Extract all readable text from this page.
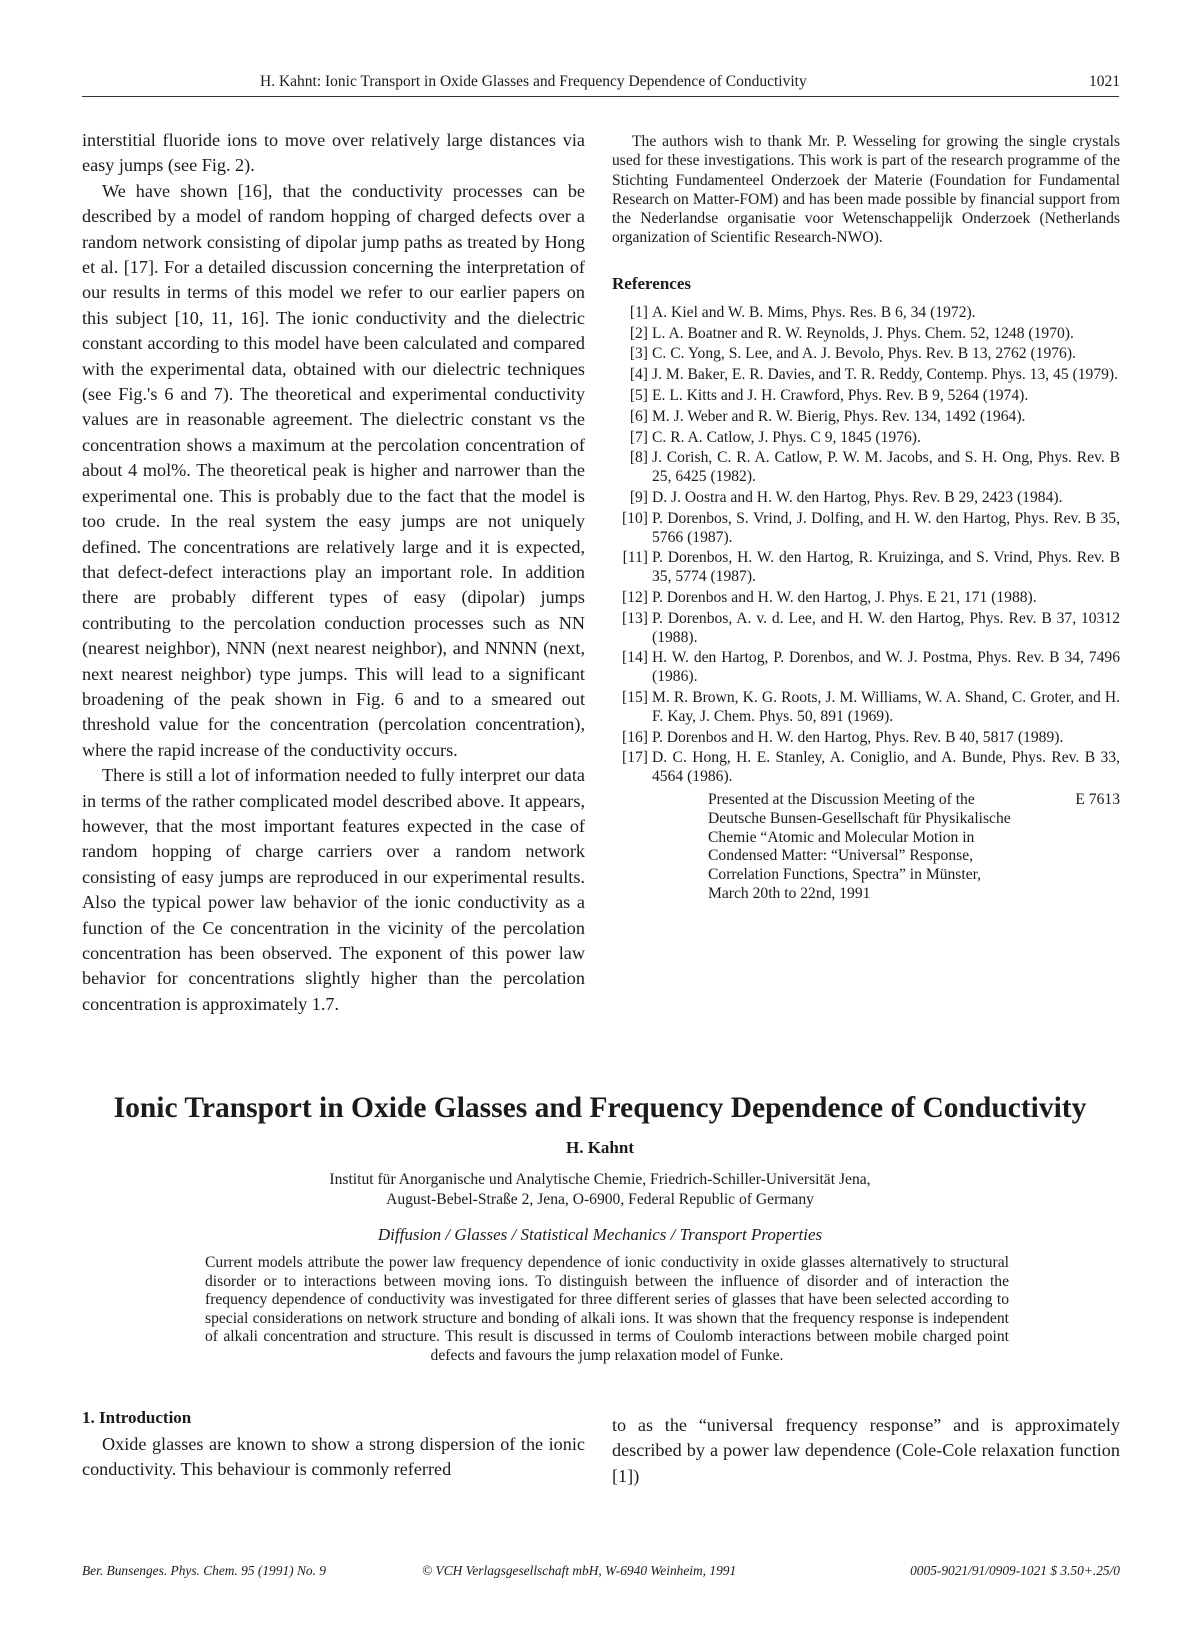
H. Kahnt: Ionic Transport in Oxide Glasses and Frequency Dependence of Conductivity	1021

interstitial fluoride ions to move over relatively large distances via easy jumps (see Fig. 2).

We have shown [16], that the conductivity processes can be described by a model of random hopping of charged defects over a random network consisting of dipolar jump paths as treated by Hong et al. [17]. For a detailed discussion concerning the interpretation of our results in terms of this model we refer to our earlier papers on this subject [10, 11, 16]. The ionic conductivity and the dielectric constant according to this model have been calculated and compared with the experimental data, obtained with our dielectric techniques (see Fig.'s 6 and 7). The theoretical and experimental conductivity values are in reasonable agreement. The dielectric constant vs the concentration shows a maximum at the percolation concentration of about 4 mol%. The theoretical peak is higher and narrower than the experimental one. This is probably due to the fact that the model is too crude. In the real system the easy jumps are not uniquely defined. The concentrations are relatively large and it is expected, that defect-defect interactions play an important role. In addition there are probably different types of easy (dipolar) jumps contributing to the percolation conduction processes such as NN (nearest neighbor), NNN (next nearest neighbor), and NNNN (next, next nearest neighbor) type jumps. This will lead to a significant broadening of the peak shown in Fig. 6 and to a smeared out threshold value for the concentration (percolation concentration), where the rapid increase of the conductivity occurs.

There is still a lot of information needed to fully interpret our data in terms of the rather complicated model described above. It appears, however, that the most important features expected in the case of random hopping of charge carriers over a random network consisting of easy jumps are reproduced in our experimental results. Also the typical power law behavior of the ionic conductivity as a function of the Ce concentration in the vicinity of the percolation concentration has been observed. The exponent of this power law behavior for concentrations slightly higher than the percolation concentration is approximately 1.7.

The authors wish to thank Mr. P. Wesseling for growing the single crystals used for these investigations. This work is part of the research programme of the Stichting Fundamenteel Onderzoek der Materie (Foundation for Fundamental Research on Matter-FOM) and has been made possible by financial support from the Nederlandse organisatie voor Wetenschappelijk Onderzoek (Netherlands organization of Scientific Research-NWO).

References
[1] A. Kiel and W. B. Mims, Phys. Res. B 6, 34 (1972).
[2] L. A. Boatner and R. W. Reynolds, J. Phys. Chem. 52, 1248 (1970).
[3] C. C. Yong, S. Lee, and A. J. Bevolo, Phys. Rev. B 13, 2762 (1976).
[4] J. M. Baker, E. R. Davies, and T. R. Reddy, Contemp. Phys. 13, 45 (1979).
[5] E. L. Kitts and J. H. Crawford, Phys. Rev. B 9, 5264 (1974).
[6] M. J. Weber and R. W. Bierig, Phys. Rev. 134, 1492 (1964).
[7] C. R. A. Catlow, J. Phys. C 9, 1845 (1976).
[8] J. Corish, C. R. A. Catlow, P. W. M. Jacobs, and S. H. Ong, Phys. Rev. B 25, 6425 (1982).
[9] D. J. Oostra and H. W. den Hartog, Phys. Rev. B 29, 2423 (1984).
[10] P. Dorenbos, S. Vrind, J. Dolfing, and H. W. den Hartog, Phys. Rev. B 35, 5766 (1987).
[11] P. Dorenbos, H. W. den Hartog, R. Kruizinga, and S. Vrind, Phys. Rev. B 35, 5774 (1987).
[12] P. Dorenbos and H. W. den Hartog, J. Phys. E 21, 171 (1988).
[13] P. Dorenbos, A. v. d. Lee, and H. W. den Hartog, Phys. Rev. B 37, 10312 (1988).
[14] H. W. den Hartog, P. Dorenbos, and W. J. Postma, Phys. Rev. B 34, 7496 (1986).
[15] M. R. Brown, K. G. Roots, J. M. Williams, W. A. Shand, C. Groter, and H. F. Kay, J. Chem. Phys. 50, 891 (1969).
[16] P. Dorenbos and H. W. den Hartog, Phys. Rev. B 40, 5817 (1989).
[17] D. C. Hong, H. E. Stanley, A. Coniglio, and A. Bunde, Phys. Rev. B 33, 4564 (1986).
Presented at the Discussion Meeting of the Deutsche Bunsen-Gesellschaft für Physikalische Chemie “Atomic and Molecular Motion in Condensed Matter: “Universal” Response, Correlation Functions, Spectra” in Münster, March 20th to 22nd, 1991
E 7613
Ionic Transport in Oxide Glasses and Frequency Dependence of Conductivity
H. Kahnt
Institut für Anorganische und Analytische Chemie, Friedrich-Schiller-Universität Jena,
August-Bebel-Straße 2, Jena, O-6900, Federal Republic of Germany
Diffusion / Glasses / Statistical Mechanics / Transport Properties

Current models attribute the power law frequency dependence of ionic conductivity in oxide glasses alternatively to structural disorder or to interactions between moving ions. To distinguish between the influence of disorder and of interaction the frequency dependence of conductivity was investigated for three different series of glasses that have been selected according to special considerations on network structure and bonding of alkali ions. It was shown that the frequency response is independent of alkali concentration and structure. This result is discussed in terms of Coulomb interactions between mobile charged point defects and favours the jump relaxation model of Funke.

1. Introduction

Oxide glasses are known to show a strong dispersion of the ionic conductivity. This behaviour is commonly referred

to as the “universal frequency response” and is approximately described by a power law dependence (Cole-Cole relaxation function [1])

Ber. Bunsenges. Phys. Chem. 95 (1991) No. 9	© VCH Verlagsgesellschaft mbH, W-6940 Weinheim, 1991	0005-9021/91/0909-1021 $ 3.50+.25/0
